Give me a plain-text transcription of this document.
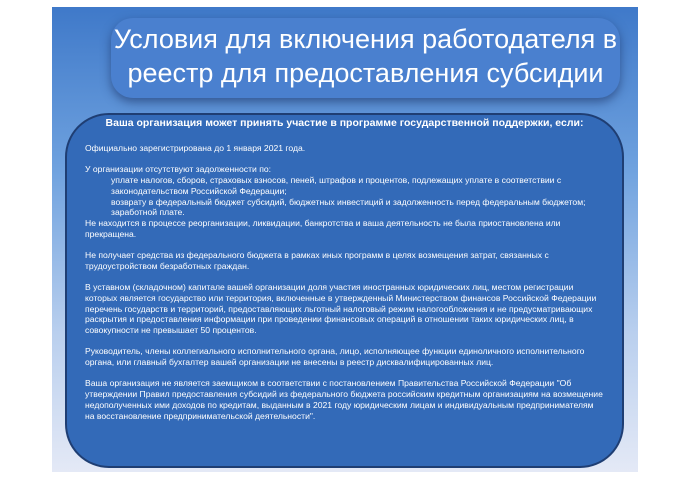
Условия для включения работодателя в
реестр для предоставления субсидии
Ваша организация может принять участие в программе государственной поддержки, если:

Официально зарегистрирована до 1 января 2021 года.

У организации отсутствуют задолженности по:

уплате налогов, сборов, страховых взносов, пеней, штрафов и процентов, подлежащих уплате в соответствии с законодательством Российской Федерации;

возврату в федеральный бюджет субсидий, бюджетных инвестиций и задолженность перед федеральным бюджетом;

заработной плате.

Не находится в процессе реорганизации, ликвидации, банкротства и ваша деятельность не была приостановлена или прекращена.

Не получает средства из федерального бюджета в рамках иных программ в целях возмещения затрат, связанных с трудоустройством безработных граждан.

В уставном (складочном) капитале вашей организации доля участия иностранных юридических лиц, местом регистрации которых является государство или территория, включенные в утвержденный Министерством финансов Российской Федерации перечень государств и территорий, предоставляющих льготный налоговый режим налогообложения и не предусматривающих раскрытия и предоставления информации при проведении финансовых операций в отношении таких юридических лиц, в совокупности не превышает 50 процентов.

Руководитель, члены коллегиального исполнительного органа, лицо, исполняющее функции единоличного исполнительного органа, или главный бухгалтер вашей организации не внесены в реестр дисквалифицированных лиц.

Ваша организация не является заемщиком в соответствии с постановлением Правительства Российской Федерации "Об утверждении Правил предоставления субсидий из федерального бюджета российским кредитным организациям на возмещение недополученных ими доходов по кредитам, выданным в 2021 году юридическим лицам и индивидуальным предпринимателям на восстановление предпринимательской деятельности".
